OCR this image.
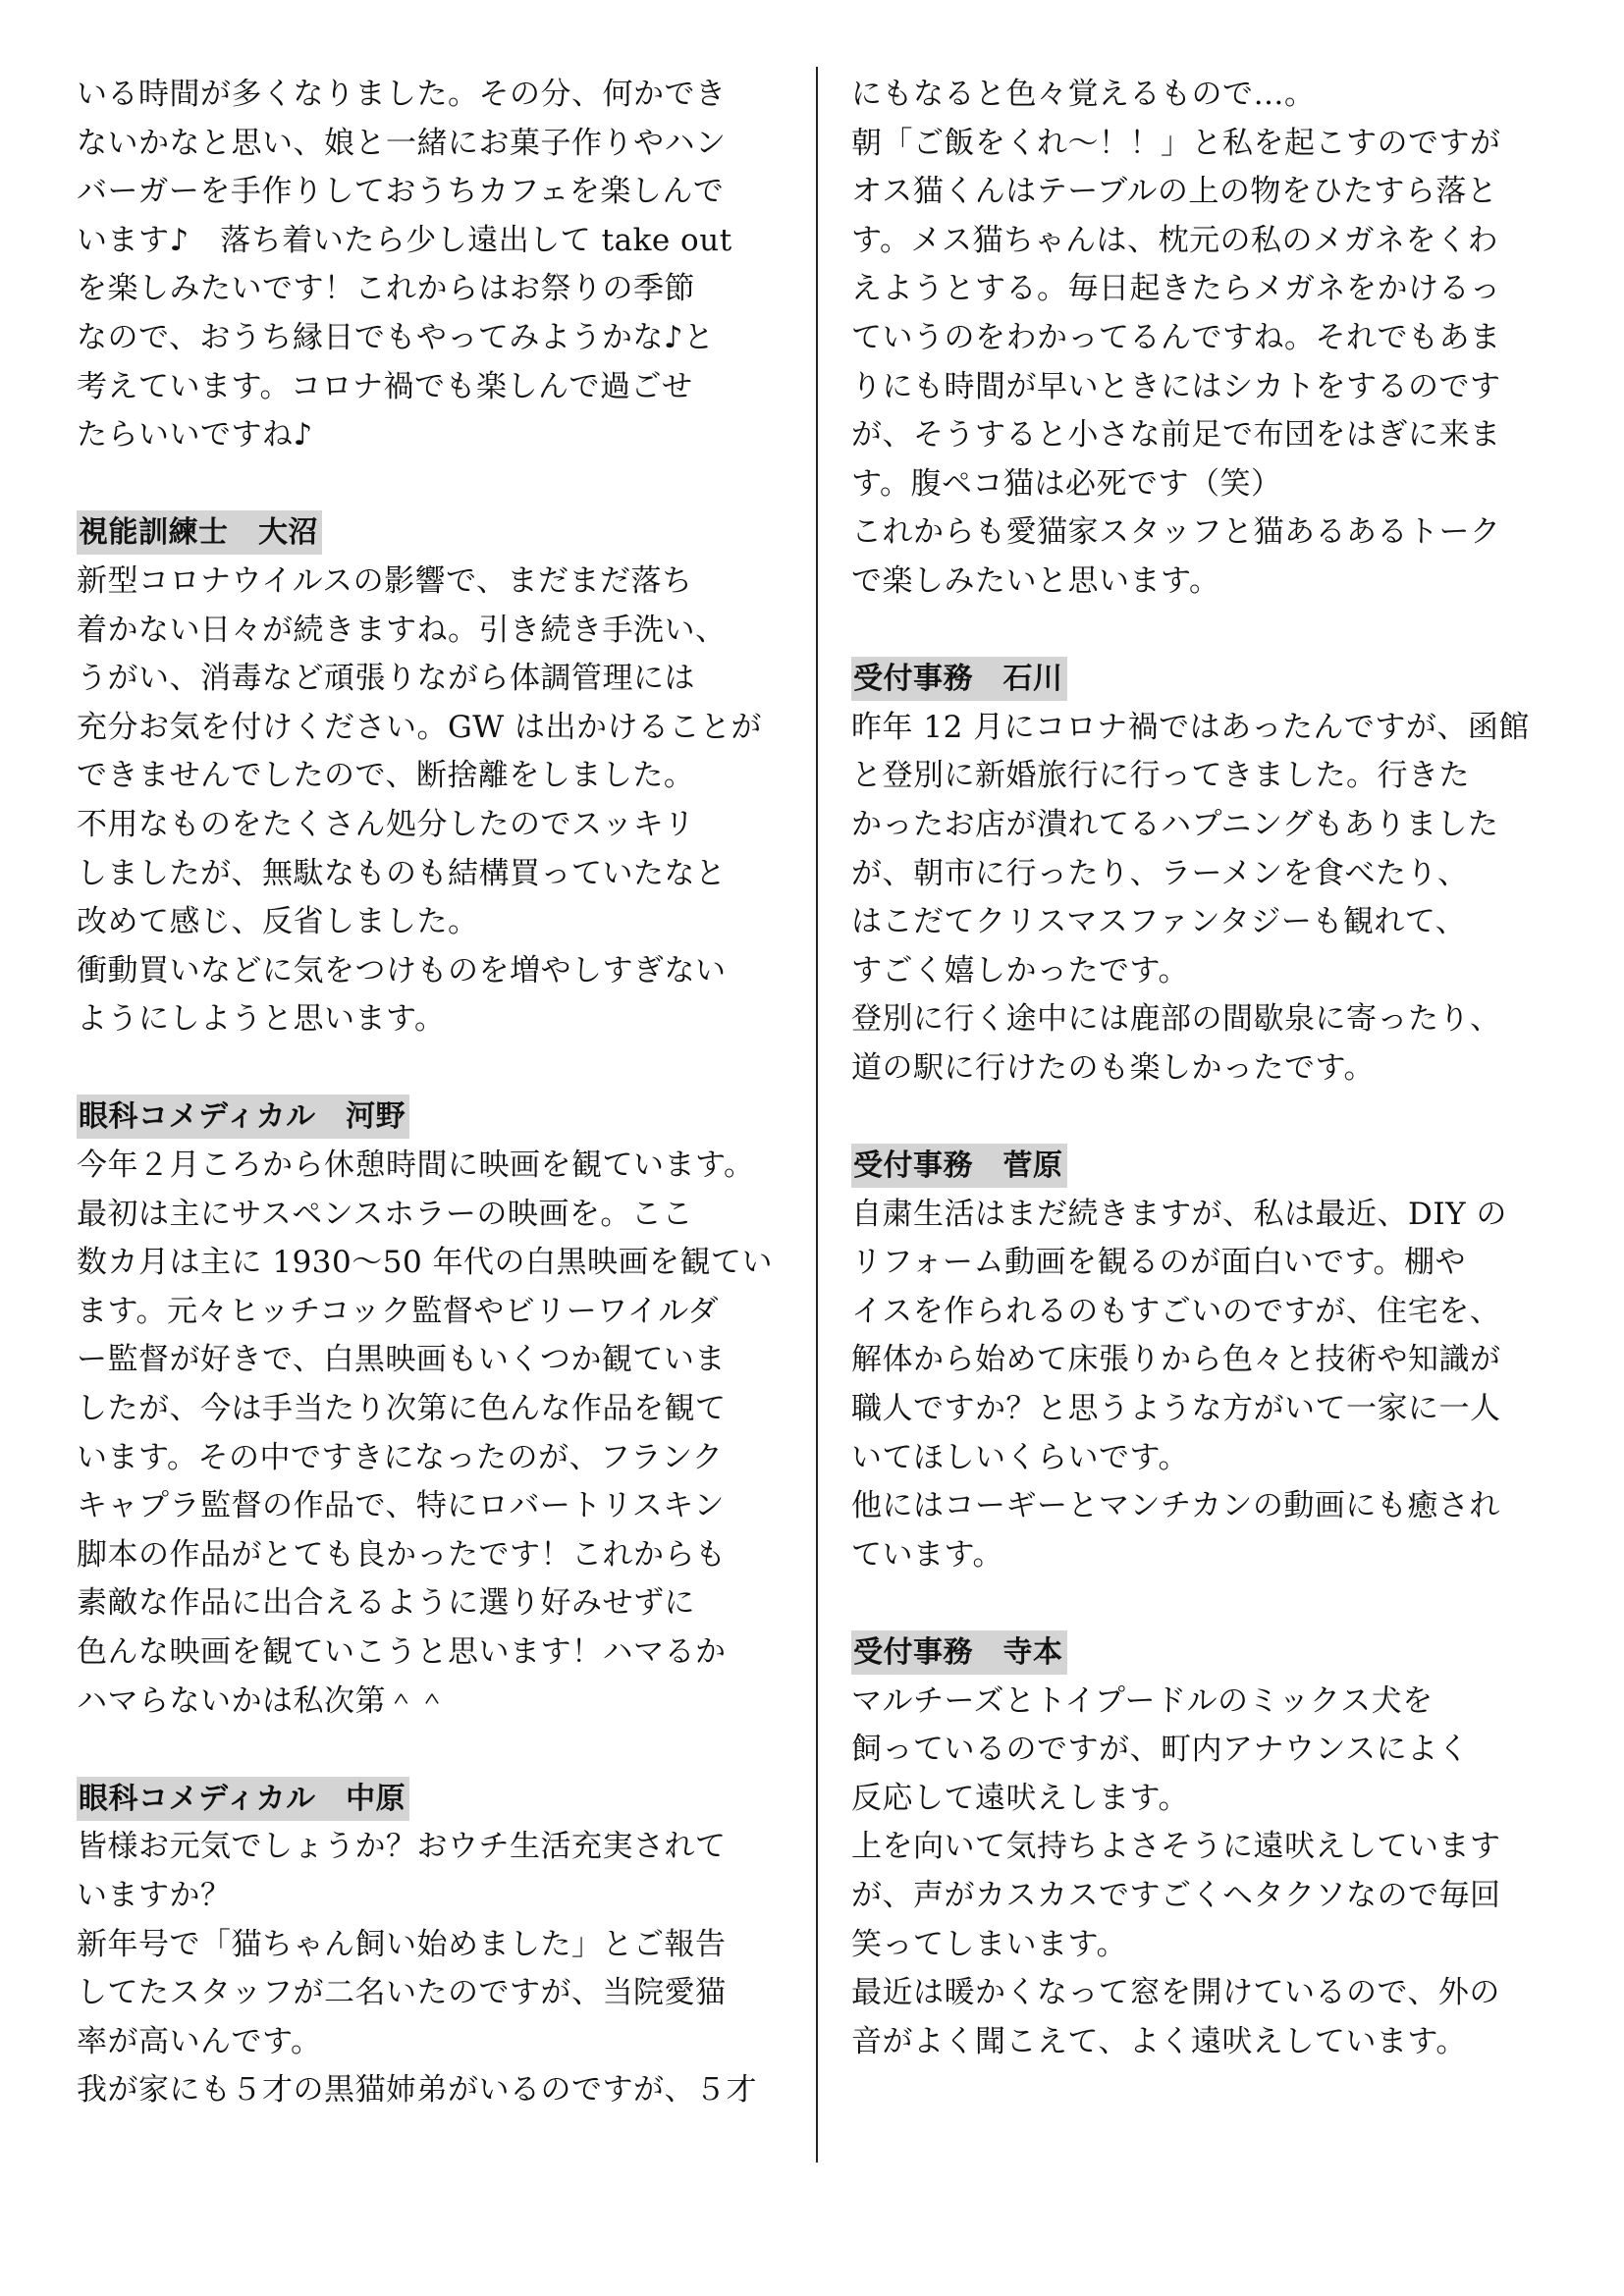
いる時間が多くなりました。その分、何かでき
ないかなと思い、娘と一緒にお菓子作りやハン
バーガーを手作りしておうちカフェを楽しんで
います♪　落ち着いたら少し遠出して take out
を楽しみたいです！これからはお祭りの季節
なので、おうち縁日でもやってみようかな♪と
考えています。コロナ禍でも楽しんで過ごせ
たらいいですね♪
視能訓練士　大沼
新型コロナウイルスの影響で、まだまだ落ち
着かない日々が続きますね。引き続き手洗い、
うがい、消毒など頑張りながら体調管理には
充分お気を付けください。GW は出かけることが
できませんでしたので、断捨離をしました。
不用なものをたくさん処分したのでスッキリ
しましたが、無駄なものも結構買っていたなと
改めて感じ、反省しました。
衝動買いなどに気をつけものを増やしすぎない
ようにしようと思います。
眼科コメディカル　河野
今年２月ころから休憩時間に映画を観ています。
最初は主にサスペンスホラーの映画を。ここ
数カ月は主に 1930～50 年代の白黒映画を観てい
ます。元々ヒッチコック監督やビリーワイルダ
ー監督が好きで、白黒映画もいくつか観ていま
したが、今は手当たり次第に色んな作品を観て
います。その中ですきになったのが、フランク
キャプラ監督の作品で、特にロバートリスキン
脚本の作品がとても良かったです！これからも
素敵な作品に出合えるように選り好みせずに
色んな映画を観ていこうと思います！ハマるか
ハマらないかは私次第＾＾
眼科コメディカル　中原
皆様お元気でしょうか？おウチ生活充実されて
いますか？
新年号で「猫ちゃん飼い始めました」とご報告
してたスタッフが二名いたのですが、当院愛猫
率が高いんです。
我が家にも５才の黒猫姉弟がいるのですが、５才
にもなると色々覚えるもので…。
朝「ご飯をくれ～！！」と私を起こすのですが
オス猫くんはテーブルの上の物をひたすら落と
す。メス猫ちゃんは、枕元の私のメガネをくわ
えようとする。毎日起きたらメガネをかけるっ
ていうのをわかってるんですね。それでもあま
りにも時間が早いときにはシカトをするのです
が、そうすると小さな前足で布団をはぎに来ま
す。腹ペコ猫は必死です（笑）
これからも愛猫家スタッフと猫あるあるトーク
で楽しみたいと思います。
受付事務　石川
昨年 12 月にコロナ禍ではあったんですが、函館
と登別に新婚旅行に行ってきました。行きた
かったお店が潰れてるハプニングもありました
が、朝市に行ったり、ラーメンを食べたり、
はこだてクリスマスファンタジーも観れて、
すごく嬉しかったです。
登別に行く途中には鹿部の間歇泉に寄ったり、
道の駅に行けたのも楽しかったです。
受付事務　菅原
自粛生活はまだ続きますが、私は最近、DIY の
リフォーム動画を観るのが面白いです。棚や
イスを作られるのもすごいのですが、住宅を、
解体から始めて床張りから色々と技術や知識が
職人ですか？と思うような方がいて一家に一人
いてほしいくらいです。
他にはコーギーとマンチカンの動画にも癒され
ています。
受付事務　寺本
マルチーズとトイプードルのミックス犬を
飼っているのですが、町内アナウンスによく
反応して遠吠えします。
上を向いて気持ちよさそうに遠吠えしています
が、声がカスカスですごくヘタクソなので毎回
笑ってしまいます。
最近は暖かくなって窓を開けているので、外の
音がよく聞こえて、よく遠吠えしています。
